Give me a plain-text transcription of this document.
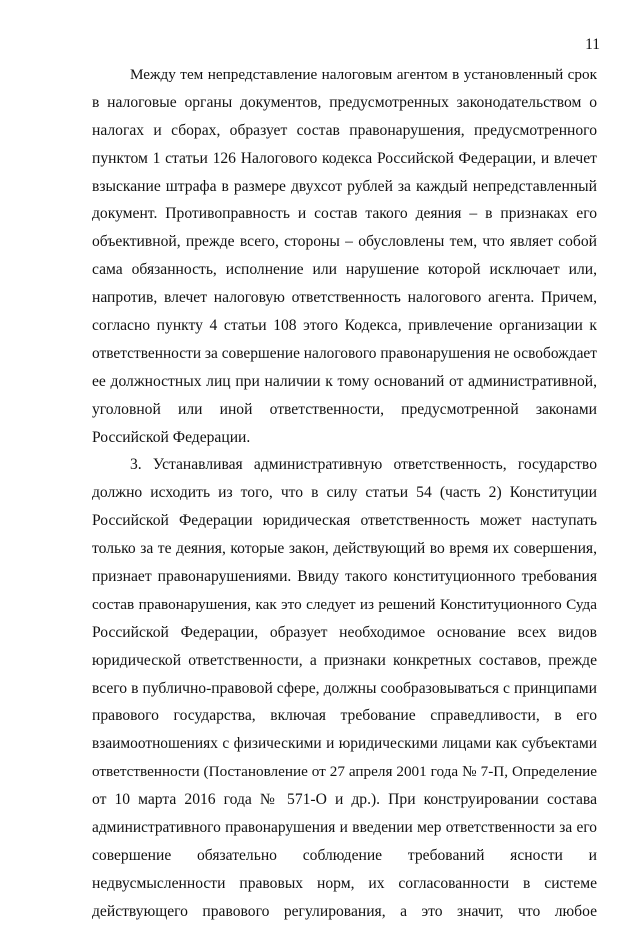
11
Между тем непредставление налоговым агентом в установленный срок
в налоговые органы документов, предусмотренных законодательством о
налогах и сборах, образует состав правонарушения, предусмотренного
пунктом 1 статьи 126 Налогового кодекса Российской Федерации, и влечет
взыскание штрафа в размере двухсот рублей за каждый непредставленный
документ. Противоправность и состав такого деяния – в признаках его
объективной, прежде всего, стороны – обусловлены тем, что являет собой
сама обязанность, исполнение или нарушение которой исключает или,
напротив, влечет налоговую ответственность налогового агента. Причем,
согласно пункту 4 статьи 108 этого Кодекса, привлечение организации к
ответственности за совершение налогового правонарушения не освобождает
ее должностных лиц при наличии к тому оснований от административной,
уголовной или иной ответственности, предусмотренной законами
Российской Федерации.
3. Устанавливая административную ответственность, государство
должно исходить из того, что в силу статьи 54 (часть 2) Конституции
Российской Федерации юридическая ответственность может наступать
только за те деяния, которые закон, действующий во время их совершения,
признает правонарушениями. Ввиду такого конституционного требования
состав правонарушения, как это следует из решений Конституционного Суда
Российской Федерации, образует необходимое основание всех видов
юридической ответственности, а признаки конкретных составов, прежде
всего в публично-правовой сфере, должны сообразовываться с принципами
правового государства, включая требование справедливости, в его
взаимоотношениях с физическими и юридическими лицами как субъектами
ответственности (Постановление от 27 апреля 2001 года № 7-П, Определение
от 10 марта 2016 года № 571-О и др.). При конструировании состава
административного правонарушения и введении мер ответственности за его
совершение обязательно соблюдение требований ясности и
недвусмысленности правовых норм, их согласованности в системе
действующего правового регулирования, а это значит, что любое
